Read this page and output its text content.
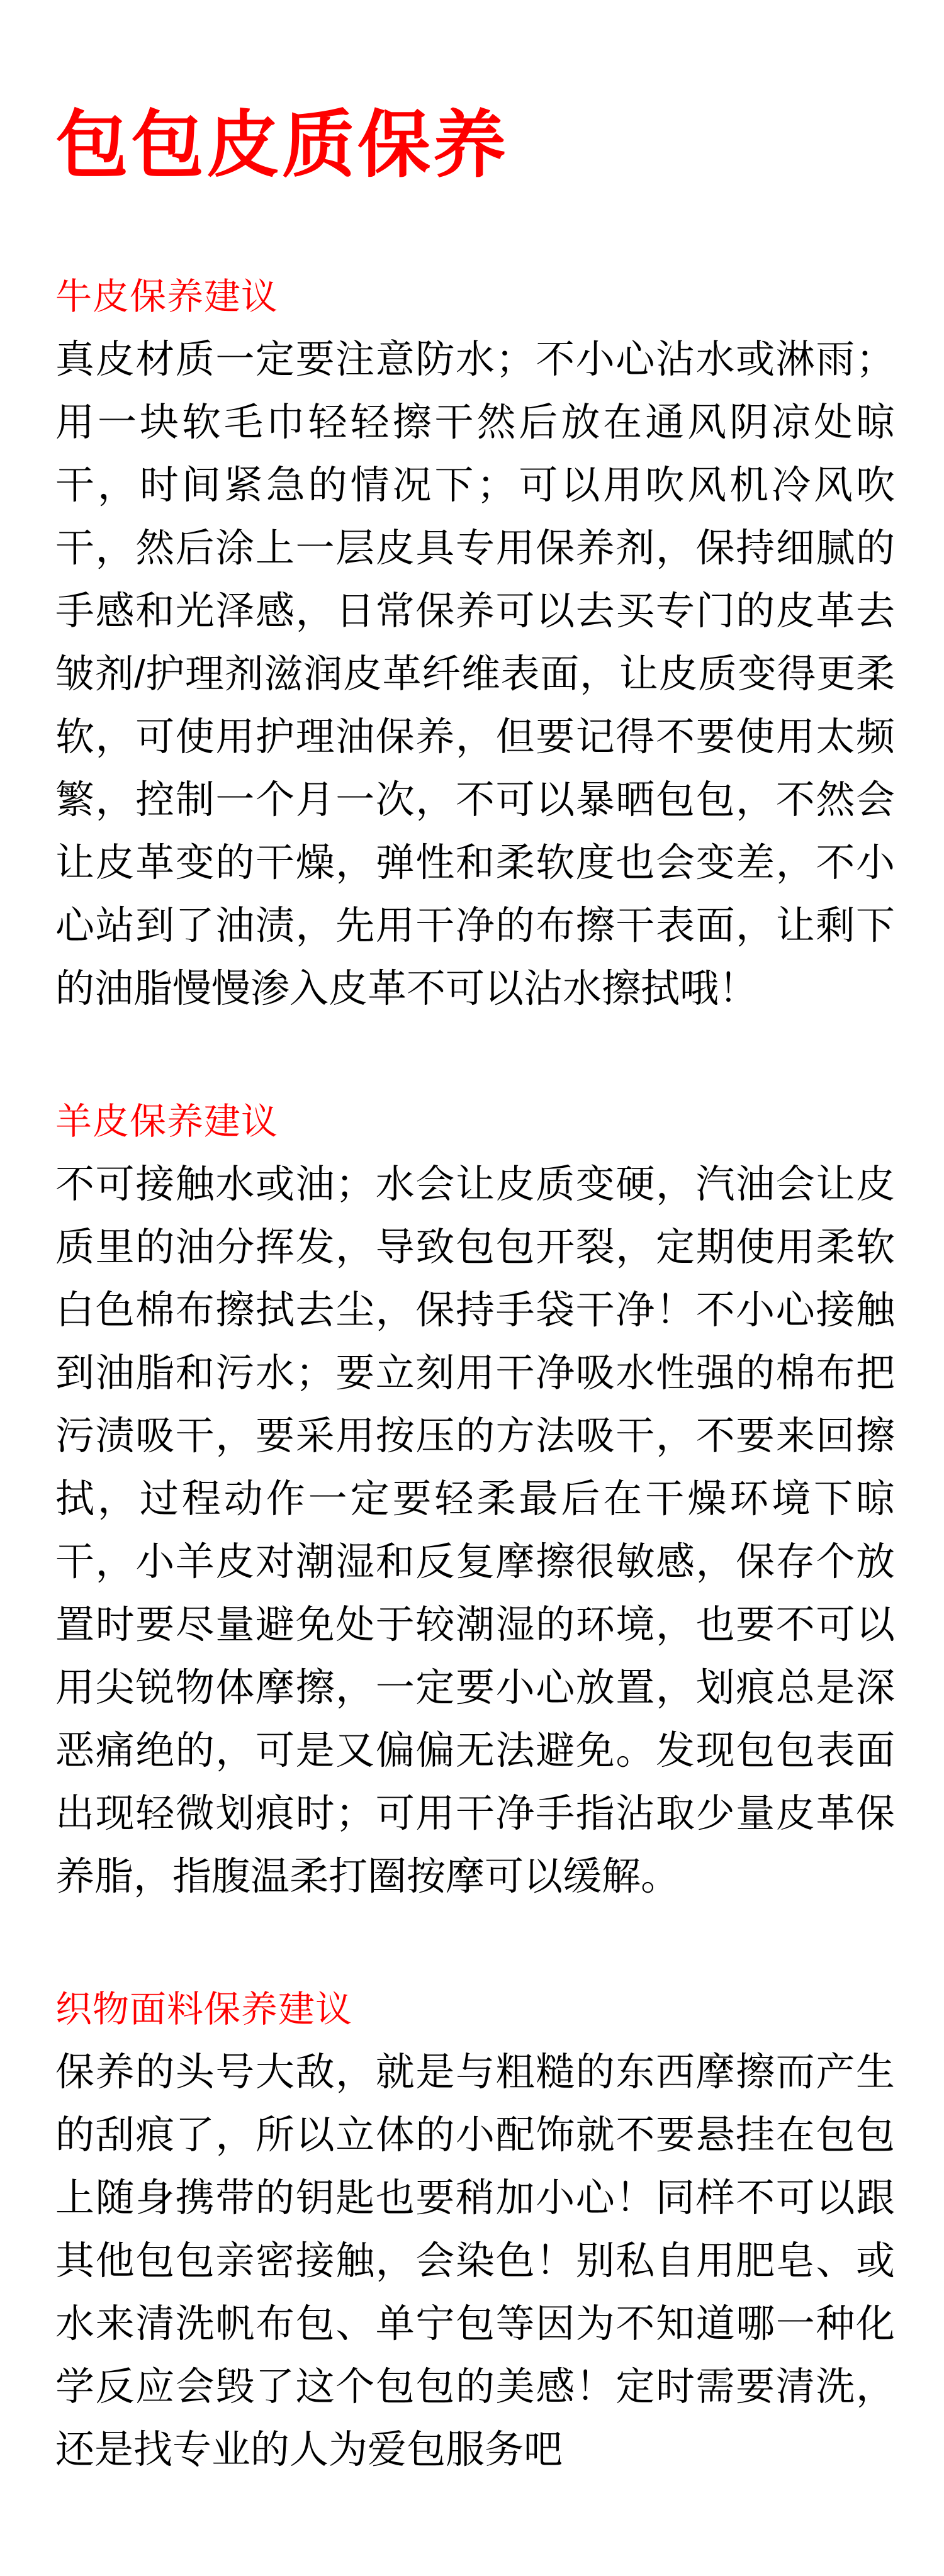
包包皮质保养
牛皮保养建议

真皮材质一定要注意防水；不小心沾水或淋雨；用一块软毛巾轻轻擦干然后放在通风阴凉处晾干，时间紧急的情况下；可以用吹风机冷风吹干，然后涂上一层皮具专用保养剂，保持细腻的手感和光泽感，日常保养可以去买专门的皮革去皱剂/护理剂滋润皮革纤维表面，让皮质变得更柔软，可使用护理油保养，但要记得不要使用太频繁，控制一个月一次，不可以暴晒包包，不然会让皮革变的干燥，弹性和柔软度也会变差，不小心站到了油渍，先用干净的布擦干表面，让剩下的油脂慢慢渗入皮革不可以沾水擦拭哦！

羊皮保养建议

不可接触水或油；水会让皮质变硬，汽油会让皮质里的油分挥发，导致包包开裂，定期使用柔软白色棉布擦拭去尘，保持手袋干净！不小心接触到油脂和污水；要立刻用干净吸水性强的棉布把污渍吸干，要采用按压的方法吸干，不要来回擦拭，过程动作一定要轻柔最后在干燥环境下晾干，小羊皮对潮湿和反复摩擦很敏感，保存个放置时要尽量避免处于较潮湿的环境，也要不可以用尖锐物体摩擦，一定要小心放置，划痕总是深恶痛绝的，可是又偏偏无法避免。发现包包表面出现轻微划痕时；可用干净手指沾取少量皮革保养脂，指腹温柔打圈按摩可以缓解。

织物面料保养建议

保养的头号大敌，就是与粗糙的东西摩擦而产生的刮痕了，所以立体的小配饰就不要悬挂在包包上随身携带的钥匙也要稍加小心！同样不可以跟其他包包亲密接触，会染色！别私自用肥皂、或水来清洗帆布包、单宁包等因为不知道哪一种化学反应会毁了这个包包的美感！定时需要清洗，还是找专业的人为爱包服务吧
